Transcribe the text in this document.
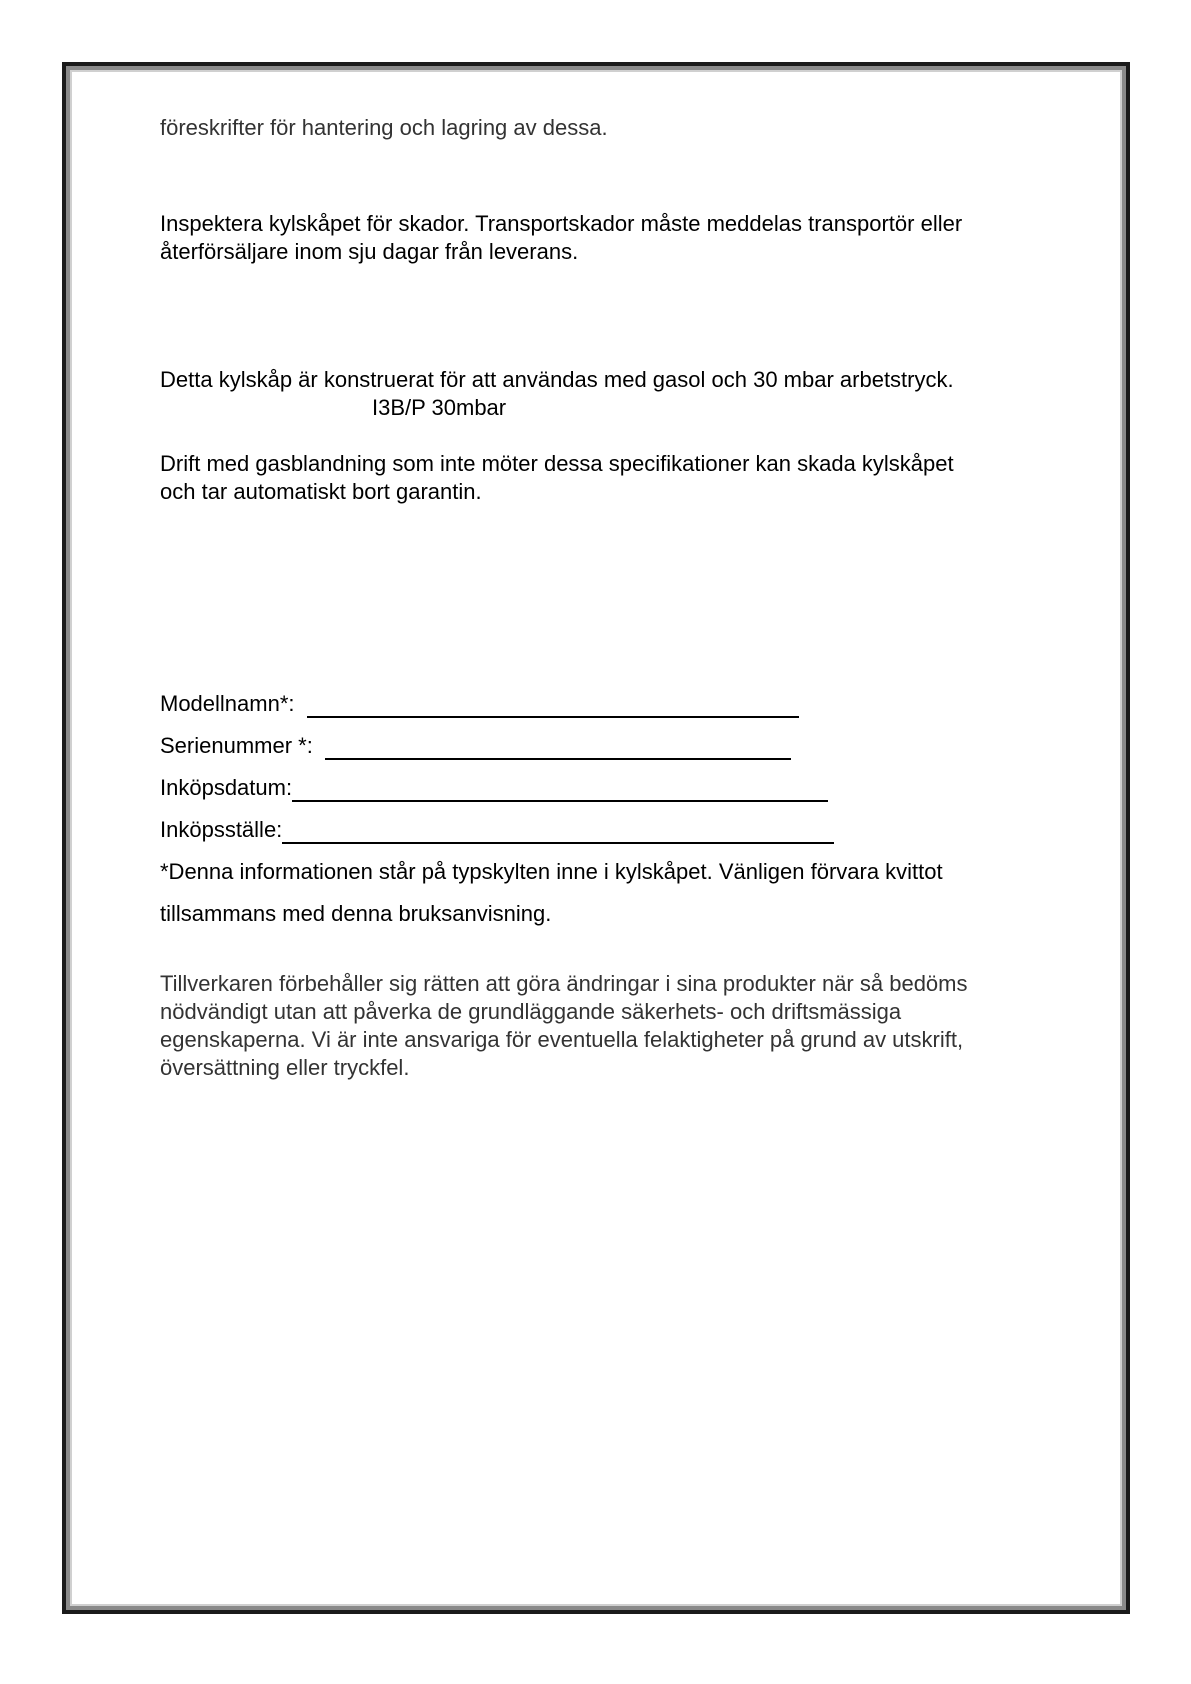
föreskrifter för hantering och lagring av dessa.
Inspektera kylskåpet för skador. Transportskador måste meddelas transportör eller
återförsäljare inom sju dagar från leverans.
Detta kylskåp är konstruerat för att användas med gasol och 30 mbar arbetstryck.
I3B/P 30mbar
Drift med gasblandning som inte möter dessa specifikationer kan skada kylskåpet
och tar automatiskt bort garantin.
Modellnamn*:
Serienummer *:
Inköpsdatum:
Inköpsställe:
*Denna informationen står på typskylten inne i kylskåpet. Vänligen förvara kvittot
tillsammans med denna bruksanvisning.
Tillverkaren förbehåller sig rätten att göra ändringar i sina produkter när så bedöms
nödvändigt utan att påverka de grundläggande säkerhets- och driftsmässiga
egenskaperna. Vi är inte ansvariga för eventuella felaktigheter på grund av utskrift,
översättning eller tryckfel.
